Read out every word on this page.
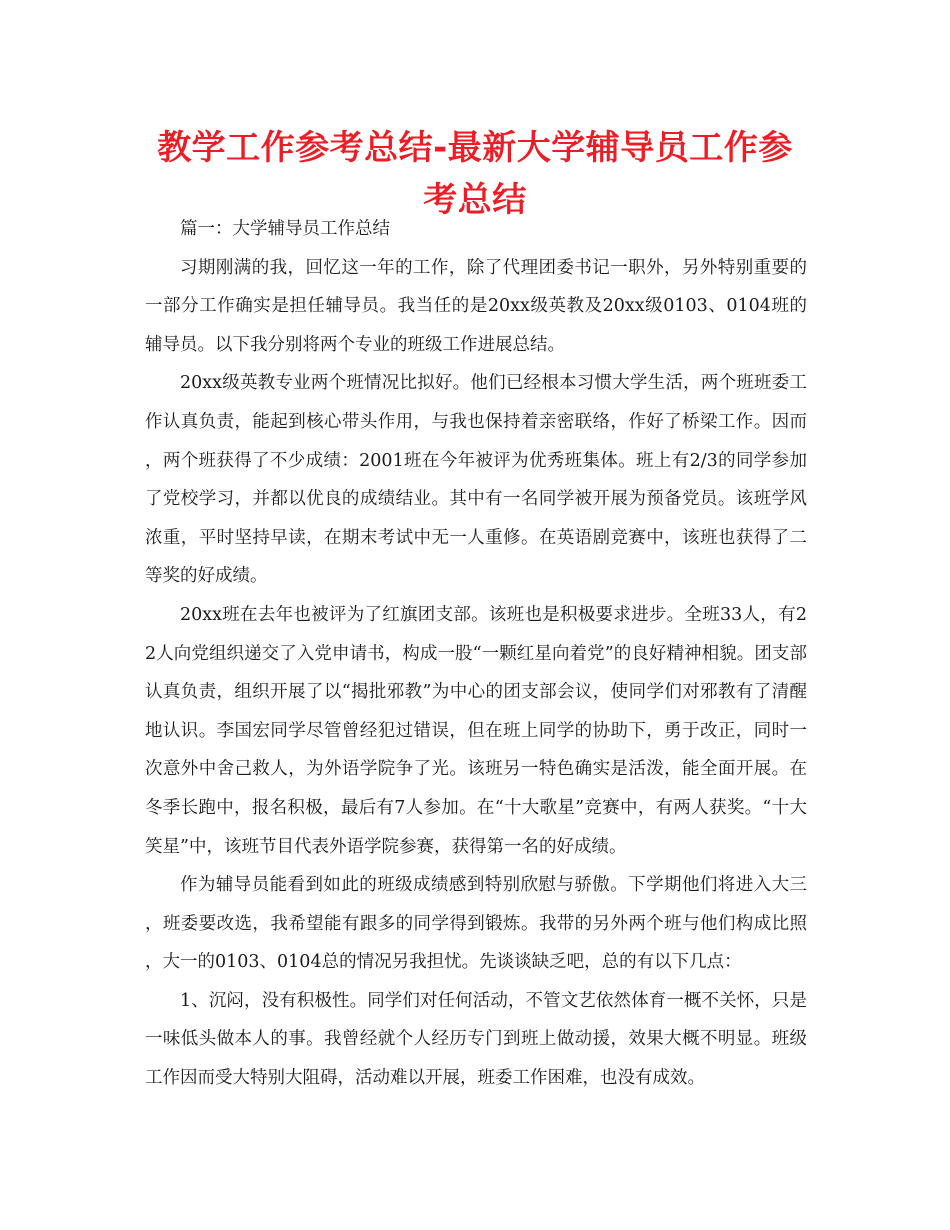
教学工作参考总结-最新大学辅导员工作参考总结

篇一：大学辅导员工作总结

习期刚满的我，回忆这一年的工作，除了代理团委书记一职外，另外特别重要的一部分工作确实是担任辅导员。我当任的是20xx级英教及20xx级0103、0104班的辅导员。以下我分别将两个专业的班级工作进展总结。

20xx级英教专业两个班情况比拟好。他们已经根本习惯大学生活，两个班班委工作认真负责，能起到核心带头作用，与我也保持着亲密联络，作好了桥梁工作。因而，两个班获得了不少成绩：2001班在今年被评为优秀班集体。班上有2/3的同学参加了党校学习，并都以优良的成绩结业。其中有一名同学被开展为预备党员。该班学风浓重，平时坚持早读，在期末考试中无一人重修。在英语剧竞赛中，该班也获得了二等奖的好成绩。

20xx班在去年也被评为了红旗团支部。该班也是积极要求进步。全班33人，有22人向党组织递交了入党申请书，构成一股“一颗红星向着党”的良好精神相貌。团支部认真负责，组织开展了以“揭批邪教”为中心的团支部会议，使同学们对邪教有了清醒地认识。李国宏同学尽管曾经犯过错误，但在班上同学的协助下，勇于改正，同时一次意外中舍己救人，为外语学院争了光。该班另一特色确实是活泼，能全面开展。在冬季长跑中，报名积极，最后有7人参加。在“十大歌星”竞赛中，有两人获奖。“十大笑星”中，该班节目代表外语学院参赛，获得第一名的好成绩。

作为辅导员能看到如此的班级成绩感到特别欣慰与骄傲。下学期他们将进入大三，班委要改选，我希望能有跟多的同学得到锻炼。我带的另外两个班与他们构成比照，大一的0103、0104总的情况另我担忧。先谈谈缺乏吧，总的有以下几点：

1、沉闷，没有积极性。同学们对任何活动，不管文艺依然体育一概不关怀，只是一味低头做本人的事。我曾经就个人经历专门到班上做动援，效果大概不明显。班级工作因而受大特别大阻碍，活动难以开展，班委工作困难，也没有成效。
